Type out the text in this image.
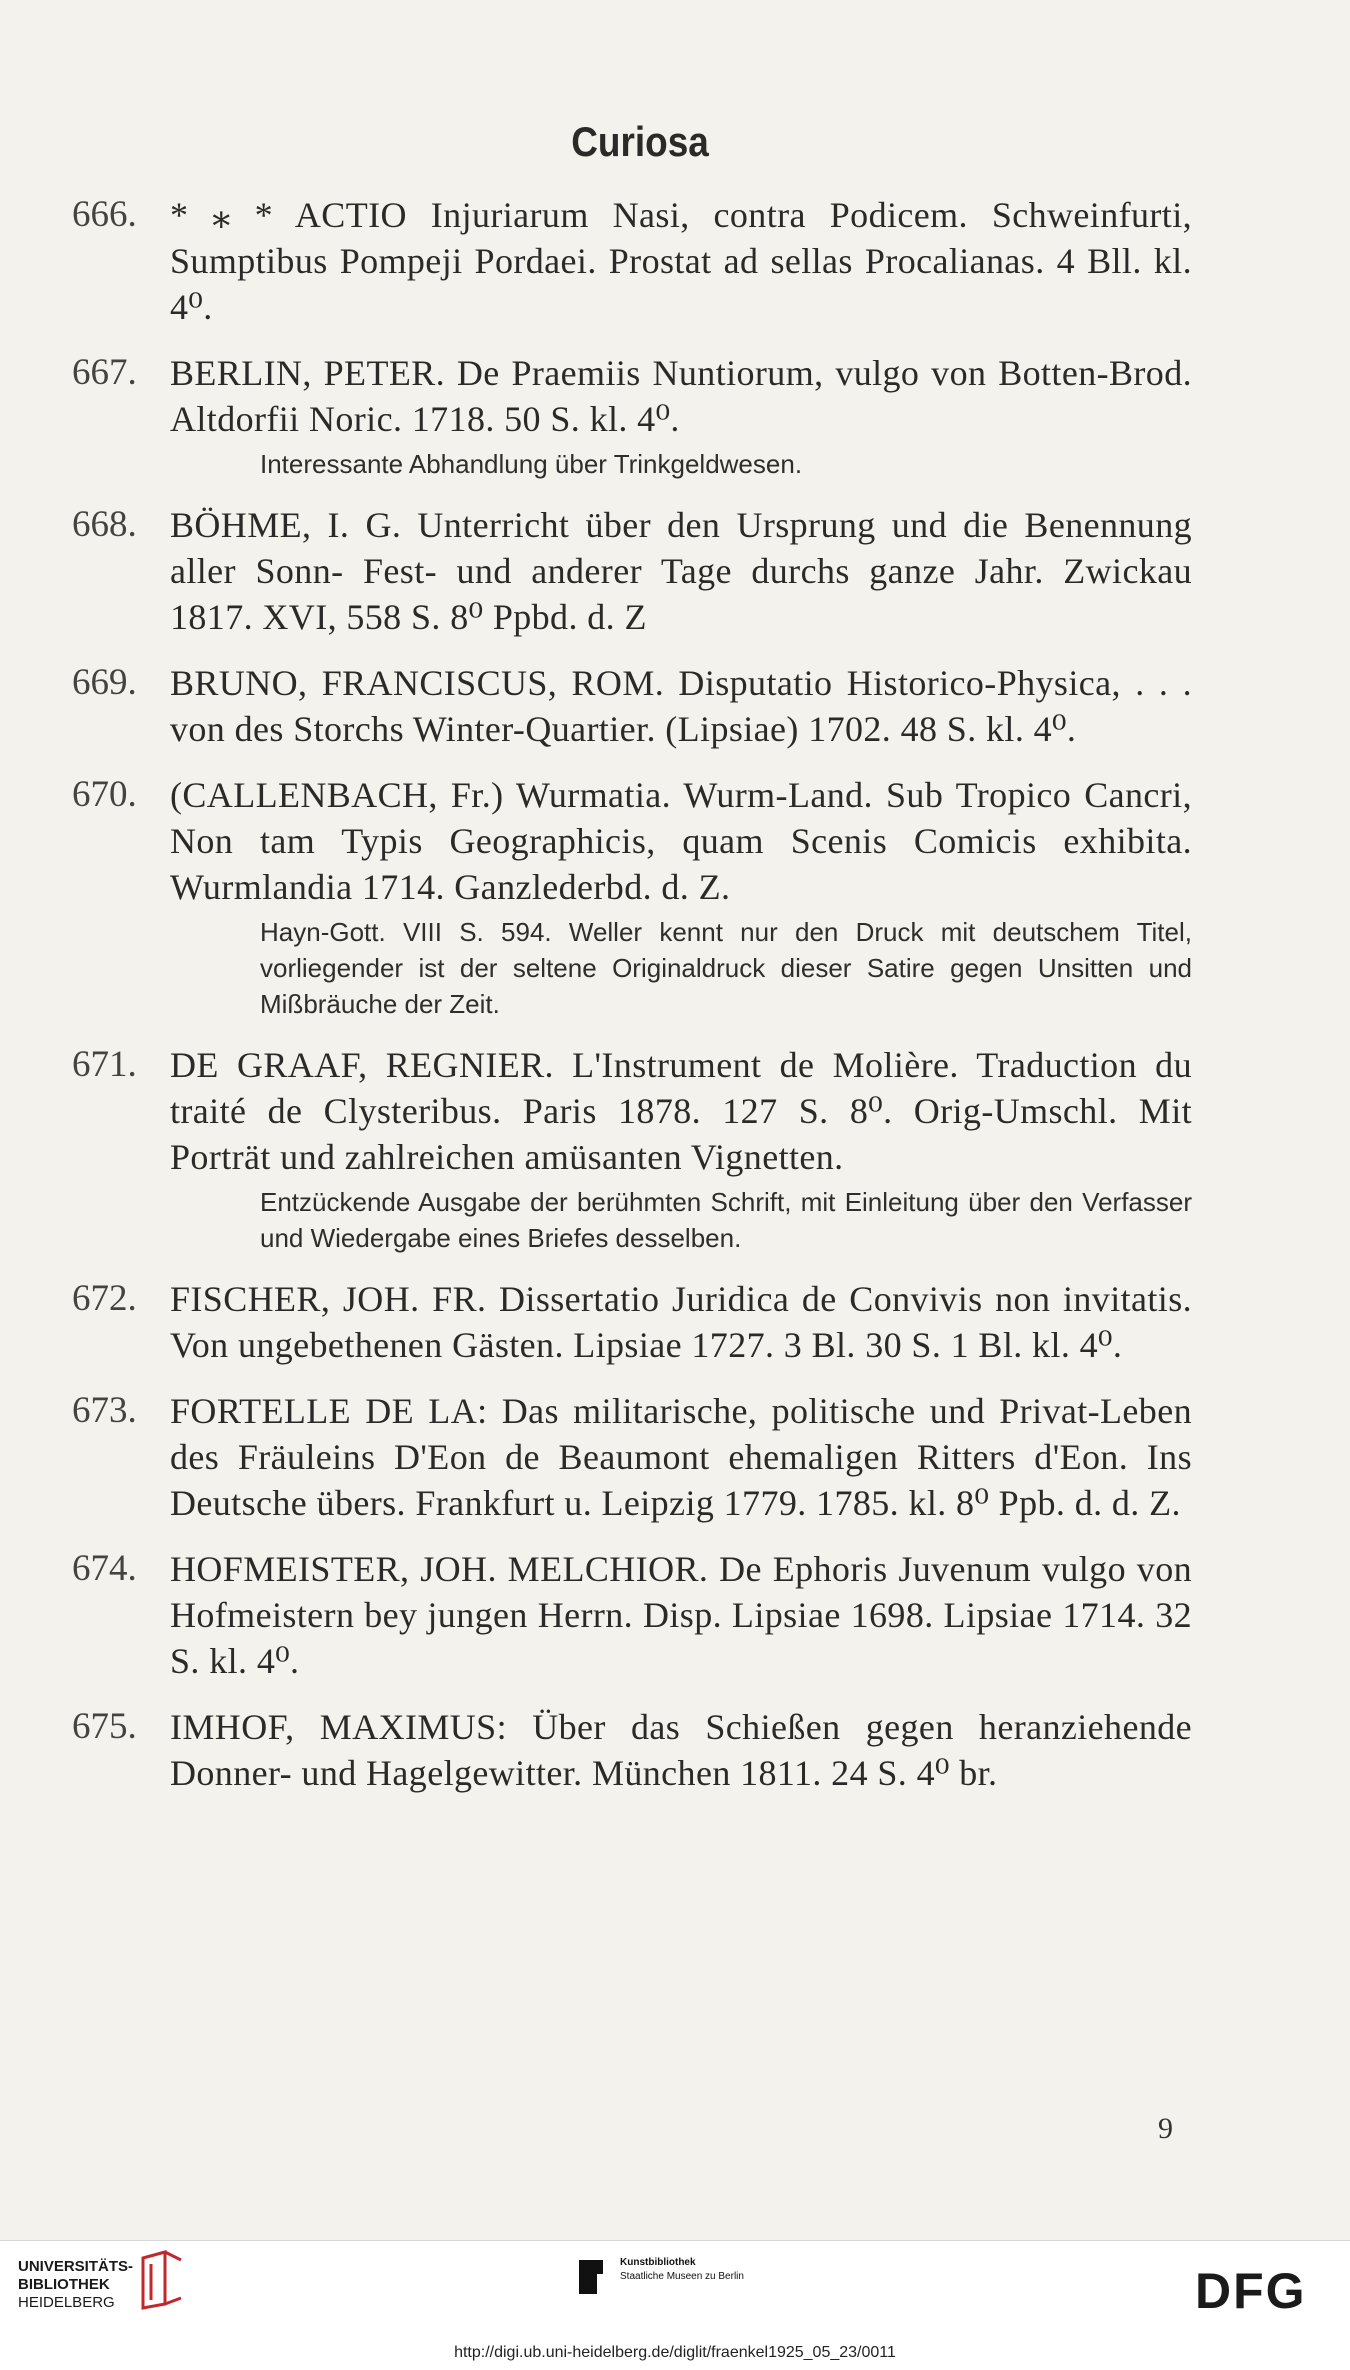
Curiosa
666. * ⁎ * ACTIO Injuriarum Nasi, contra Podicem. Schweinfurti, Sumptibus Pompeji Pordaei. Prostat ad sellas Procalianas. 4 Bll. kl. 4⁰.
667. BERLIN, PETER. De Praemiis Nuntiorum, vulgo von Botten-Brod. Altdorfii Noric. 1718. 50 S. kl. 4⁰.
Interessante Abhandlung über Trinkgeldwesen.
668. BÖHME, I. G. Unterricht über den Ursprung und die Benennung aller Sonn- Fest- und anderer Tage durchs ganze Jahr. Zwickau 1817. XVI, 558 S. 8⁰ Ppbd. d. Z
669. BRUNO, FRANCISCUS, ROM. Disputatio Historico-Physica, . . . von des Storchs Winter-Quartier. (Lipsiae) 1702. 48 S. kl. 4⁰.
670. (CALLENBACH, Fr.) Wurmatia. Wurm-Land. Sub Tropico Cancri, Non tam Typis Geographicis, quam Scenis Comicis exhibita. Wurmlandia 1714. Ganzlederbd. d. Z.
Hayn-Gott. VIII S. 594. Weller kennt nur den Druck mit deutschem Titel, vorliegender ist der seltene Originaldruck dieser Satire gegen Unsitten und Mißbräuche der Zeit.
671. DE GRAAF, REGNIER. L'Instrument de Molière. Traduction du traité de Clysteribus. Paris 1878. 127 S. 8⁰. Orig-Umschl. Mit Porträt und zahlreichen amüsanten Vignetten.
Entzückende Ausgabe der berühmten Schrift, mit Einleitung über den Verfasser und Wiedergabe eines Briefes desselben.
672. FISCHER, JOH. FR. Dissertatio Juridica de Convivis non invitatis. Von ungebethenen Gästen. Lipsiae 1727. 3 Bl. 30 S. 1 Bl. kl. 4⁰.
673. FORTELLE DE LA: Das militarische, politische und Privat-Leben des Fräuleins D'Eon de Beaumont ehemaligen Ritters d'Eon. Ins Deutsche übers. Frankfurt u. Leipzig 1779. 1785. kl. 8⁰ Ppb. d. d. Z.
674. HOFMEISTER, JOH. MELCHIOR. De Ephoris Juvenum vulgo von Hofmeistern bey jungen Herrn. Disp. Lipsiae 1698. Lipsiae 1714. 32 S. kl. 4⁰.
675. IMHOF, MAXIMUS: Über das Schießen gegen heranziehende Donner- und Hagelgewitter. München 1811. 24 S. 4⁰ br.
9
UNIVERSITÄTS-
BIBLIOTHEK
HEIDELBERG
Kunstbibliothek
Staatliche Museen zu Berlin	DFG
http://digi.ub.uni-heidelberg.de/diglit/fraenkel1925_05_23/0011
